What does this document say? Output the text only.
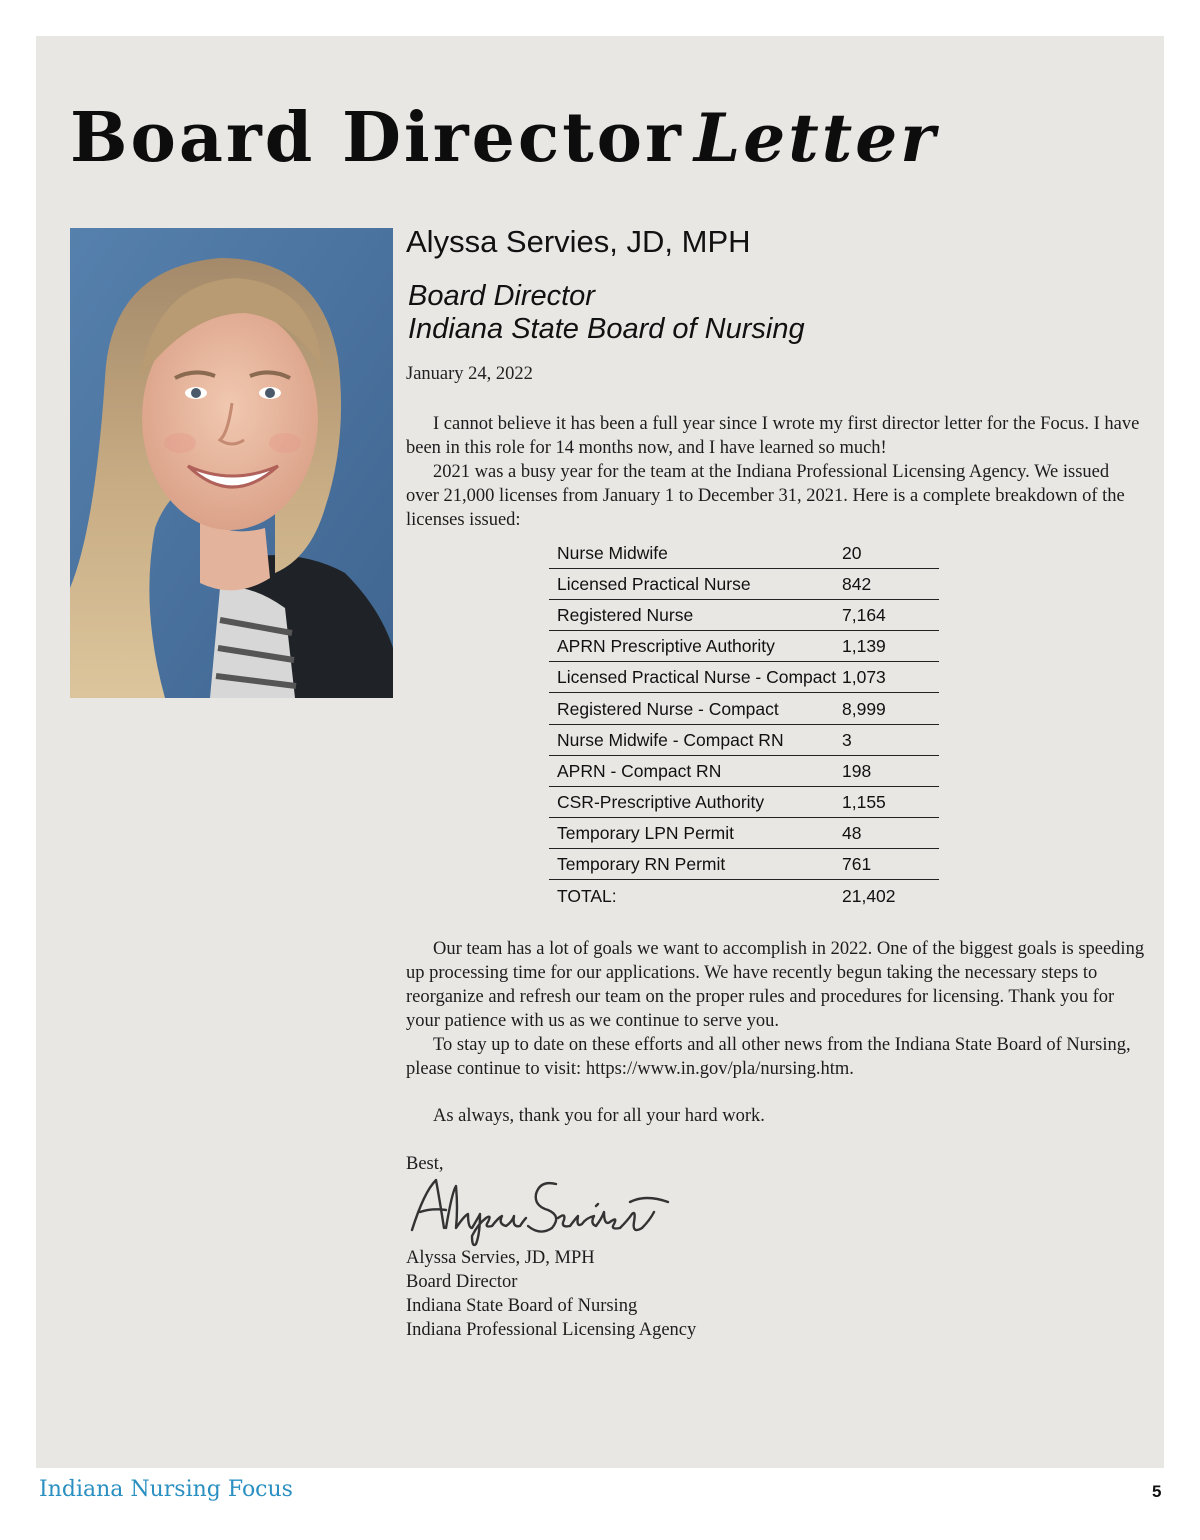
Board Director Letter
Alyssa Servies, JD, MPH
Board Director
Indiana State Board of Nursing
January 24, 2022

I cannot believe it has been a full year since I wrote my first director letter for the Focus. I have been in this role for 14 months now, and I have learned so much!

2021 was a busy year for the team at the Indiana Professional Licensing Agency. We issued over 21,000 licenses from January 1 to December 31, 2021. Here is a complete breakdown of the licenses issued:

Nurse Midwife	20
Licensed Practical Nurse	842
Registered Nurse	7,164
APRN Prescriptive Authority	1,139
Licensed Practical Nurse - Compact 1,073
Registered Nurse - Compact	8,999
Nurse Midwife - Compact RN	3
APRN - Compact RN	198
CSR-Prescriptive Authority	1,155
Temporary LPN Permit	48
Temporary RN Permit	761
TOTAL:	21,402

Our team has a lot of goals we want to accomplish in 2022. One of the biggest goals is speeding up processing time for our applications. We have recently begun taking the necessary steps to reorganize and refresh our team on the proper rules and procedures for licensing. Thank you for your patience with us as we continue to serve you.

To stay up to date on these efforts and all other news from the Indiana State Board of Nursing, please continue to visit: https://www.in.gov/pla/nursing.htm.

As always, thank you for all your hard work.

Best,

Alyssa Servies, JD, MPH
Board Director
Indiana State Board of Nursing
Indiana Professional Licensing Agency
Indiana Nursing Focus	5
